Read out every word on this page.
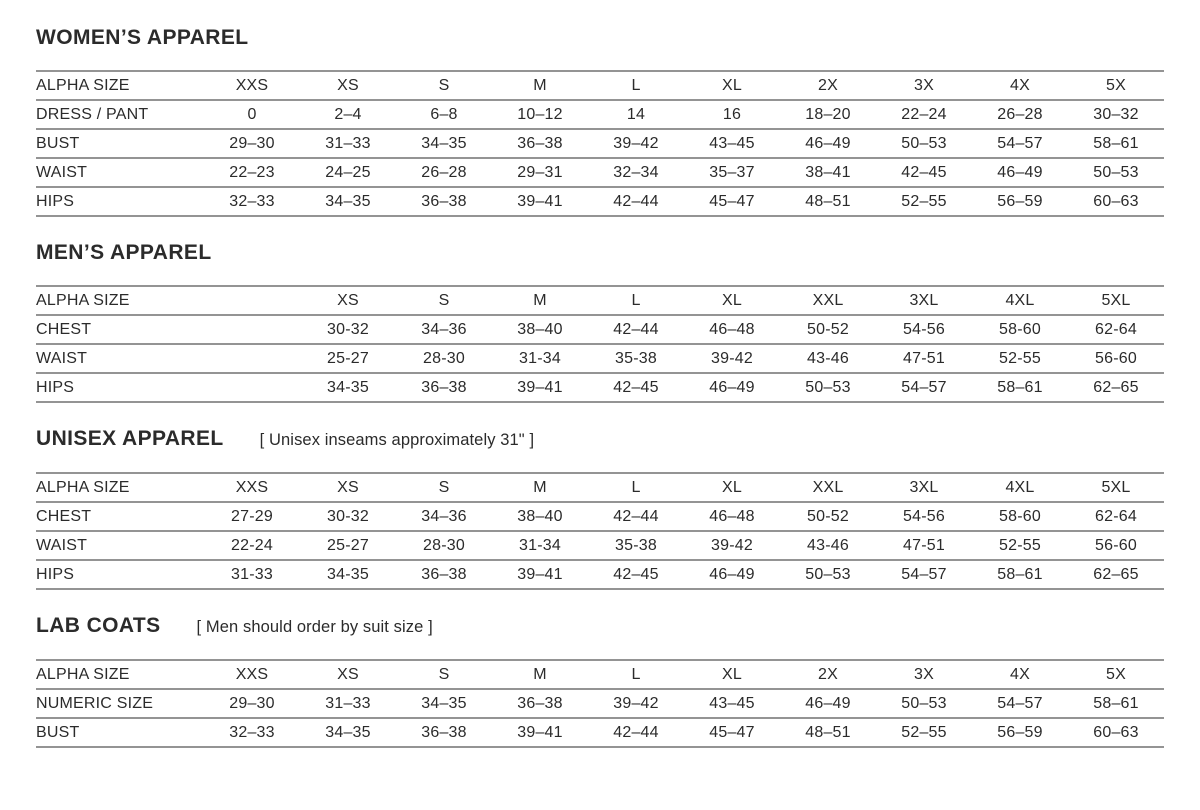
WOMEN’S APPAREL
ALPHA SIZE	XXS	XS	S	M	L	XL	2X	3X	4X	5X
DRESS / PANT	0	2–4	6–8	10–12	14	16	18–20	22–24	26–28	30–32
BUST	29–30	31–33	34–35	36–38	39–42	43–45	46–49	50–53	54–57	58–61
WAIST	22–23	24–25	26–28	29–31	32–34	35–37	38–41	42–45	46–49	50–53
HIPS	32–33	34–35	36–38	39–41	42–44	45–47	48–51	52–55	56–59	60–63
MEN’S APPAREL
ALPHA SIZE		XS	S	M	L	XL	XXL	3XL	4XL	5XL
CHEST		30-32	34–36	38–40	42–44	46–48	50-52	54-56	58-60	62-64
WAIST		25-27	28-30	31-34	35-38	39-42	43-46	47-51	52-55	56-60
HIPS		34-35	36–38	39–41	42–45	46–49	50–53	54–57	58–61	62–65
UNISEX APPAREL [ Unisex inseams approximately 31" ]
ALPHA SIZE	XXS	XS	S	M	L	XL	XXL	3XL	4XL	5XL
CHEST	27-29	30-32	34–36	38–40	42–44	46–48	50-52	54-56	58-60	62-64
WAIST	22-24	25-27	28-30	31-34	35-38	39-42	43-46	47-51	52-55	56-60
HIPS	31-33	34-35	36–38	39–41	42–45	46–49	50–53	54–57	58–61	62–65
LAB COATS [ Men should order by suit size ]
ALPHA SIZE	XXS	XS	S	M	L	XL	2X	3X	4X	5X
NUMERIC SIZE	29–30	31–33	34–35	36–38	39–42	43–45	46–49	50–53	54–57	58–61
BUST	32–33	34–35	36–38	39–41	42–44	45–47	48–51	52–55	56–59	60–63
